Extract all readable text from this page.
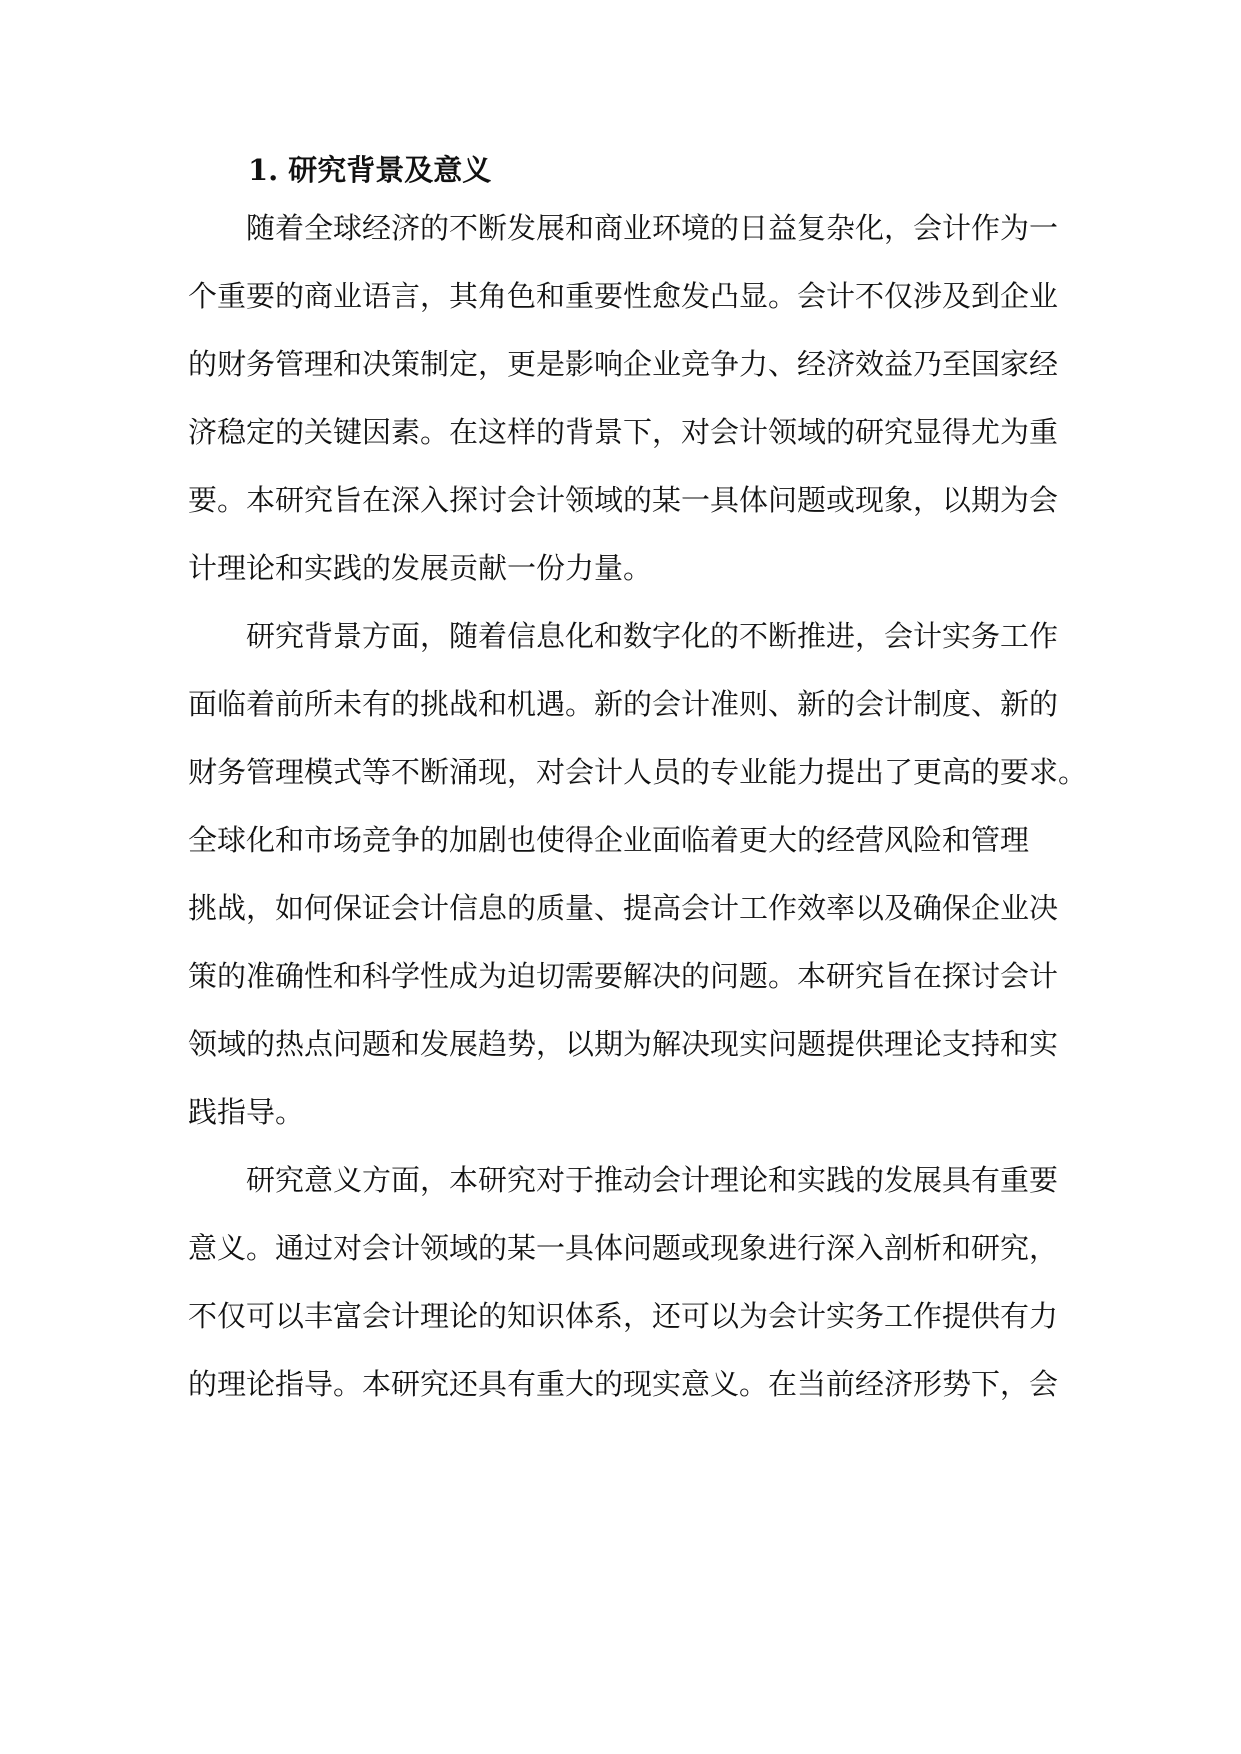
1. 研究背景及意义

随着全球经济的不断发展和商业环境的日益复杂化，会计作为一

个重要的商业语言，其角色和重要性愈发凸显。会计不仅涉及到企业

的财务管理和决策制定，更是影响企业竞争力、经济效益乃至国家经

济稳定的关键因素。在这样的背景下，对会计领域的研究显得尤为重

要。本研究旨在深入探讨会计领域的某一具体问题或现象，以期为会

计理论和实践的发展贡献一份力量。

研究背景方面，随着信息化和数字化的不断推进，会计实务工作

面临着前所未有的挑战和机遇。新的会计准则、新的会计制度、新的

财务管理模式等不断涌现，对会计人员的专业能力提出了更高的要求。

全球化和市场竞争的加剧也使得企业面临着更大的经营风险和管理

挑战，如何保证会计信息的质量、提高会计工作效率以及确保企业决

策的准确性和科学性成为迫切需要解决的问题。本研究旨在探讨会计

领域的热点问题和发展趋势，以期为解决现实问题提供理论支持和实

践指导。

研究意义方面，本研究对于推动会计理论和实践的发展具有重要

意义。通过对会计领域的某一具体问题或现象进行深入剖析和研究，

不仅可以丰富会计理论的知识体系，还可以为会计实务工作提供有力

的理论指导。本研究还具有重大的现实意义。在当前经济形势下，会
